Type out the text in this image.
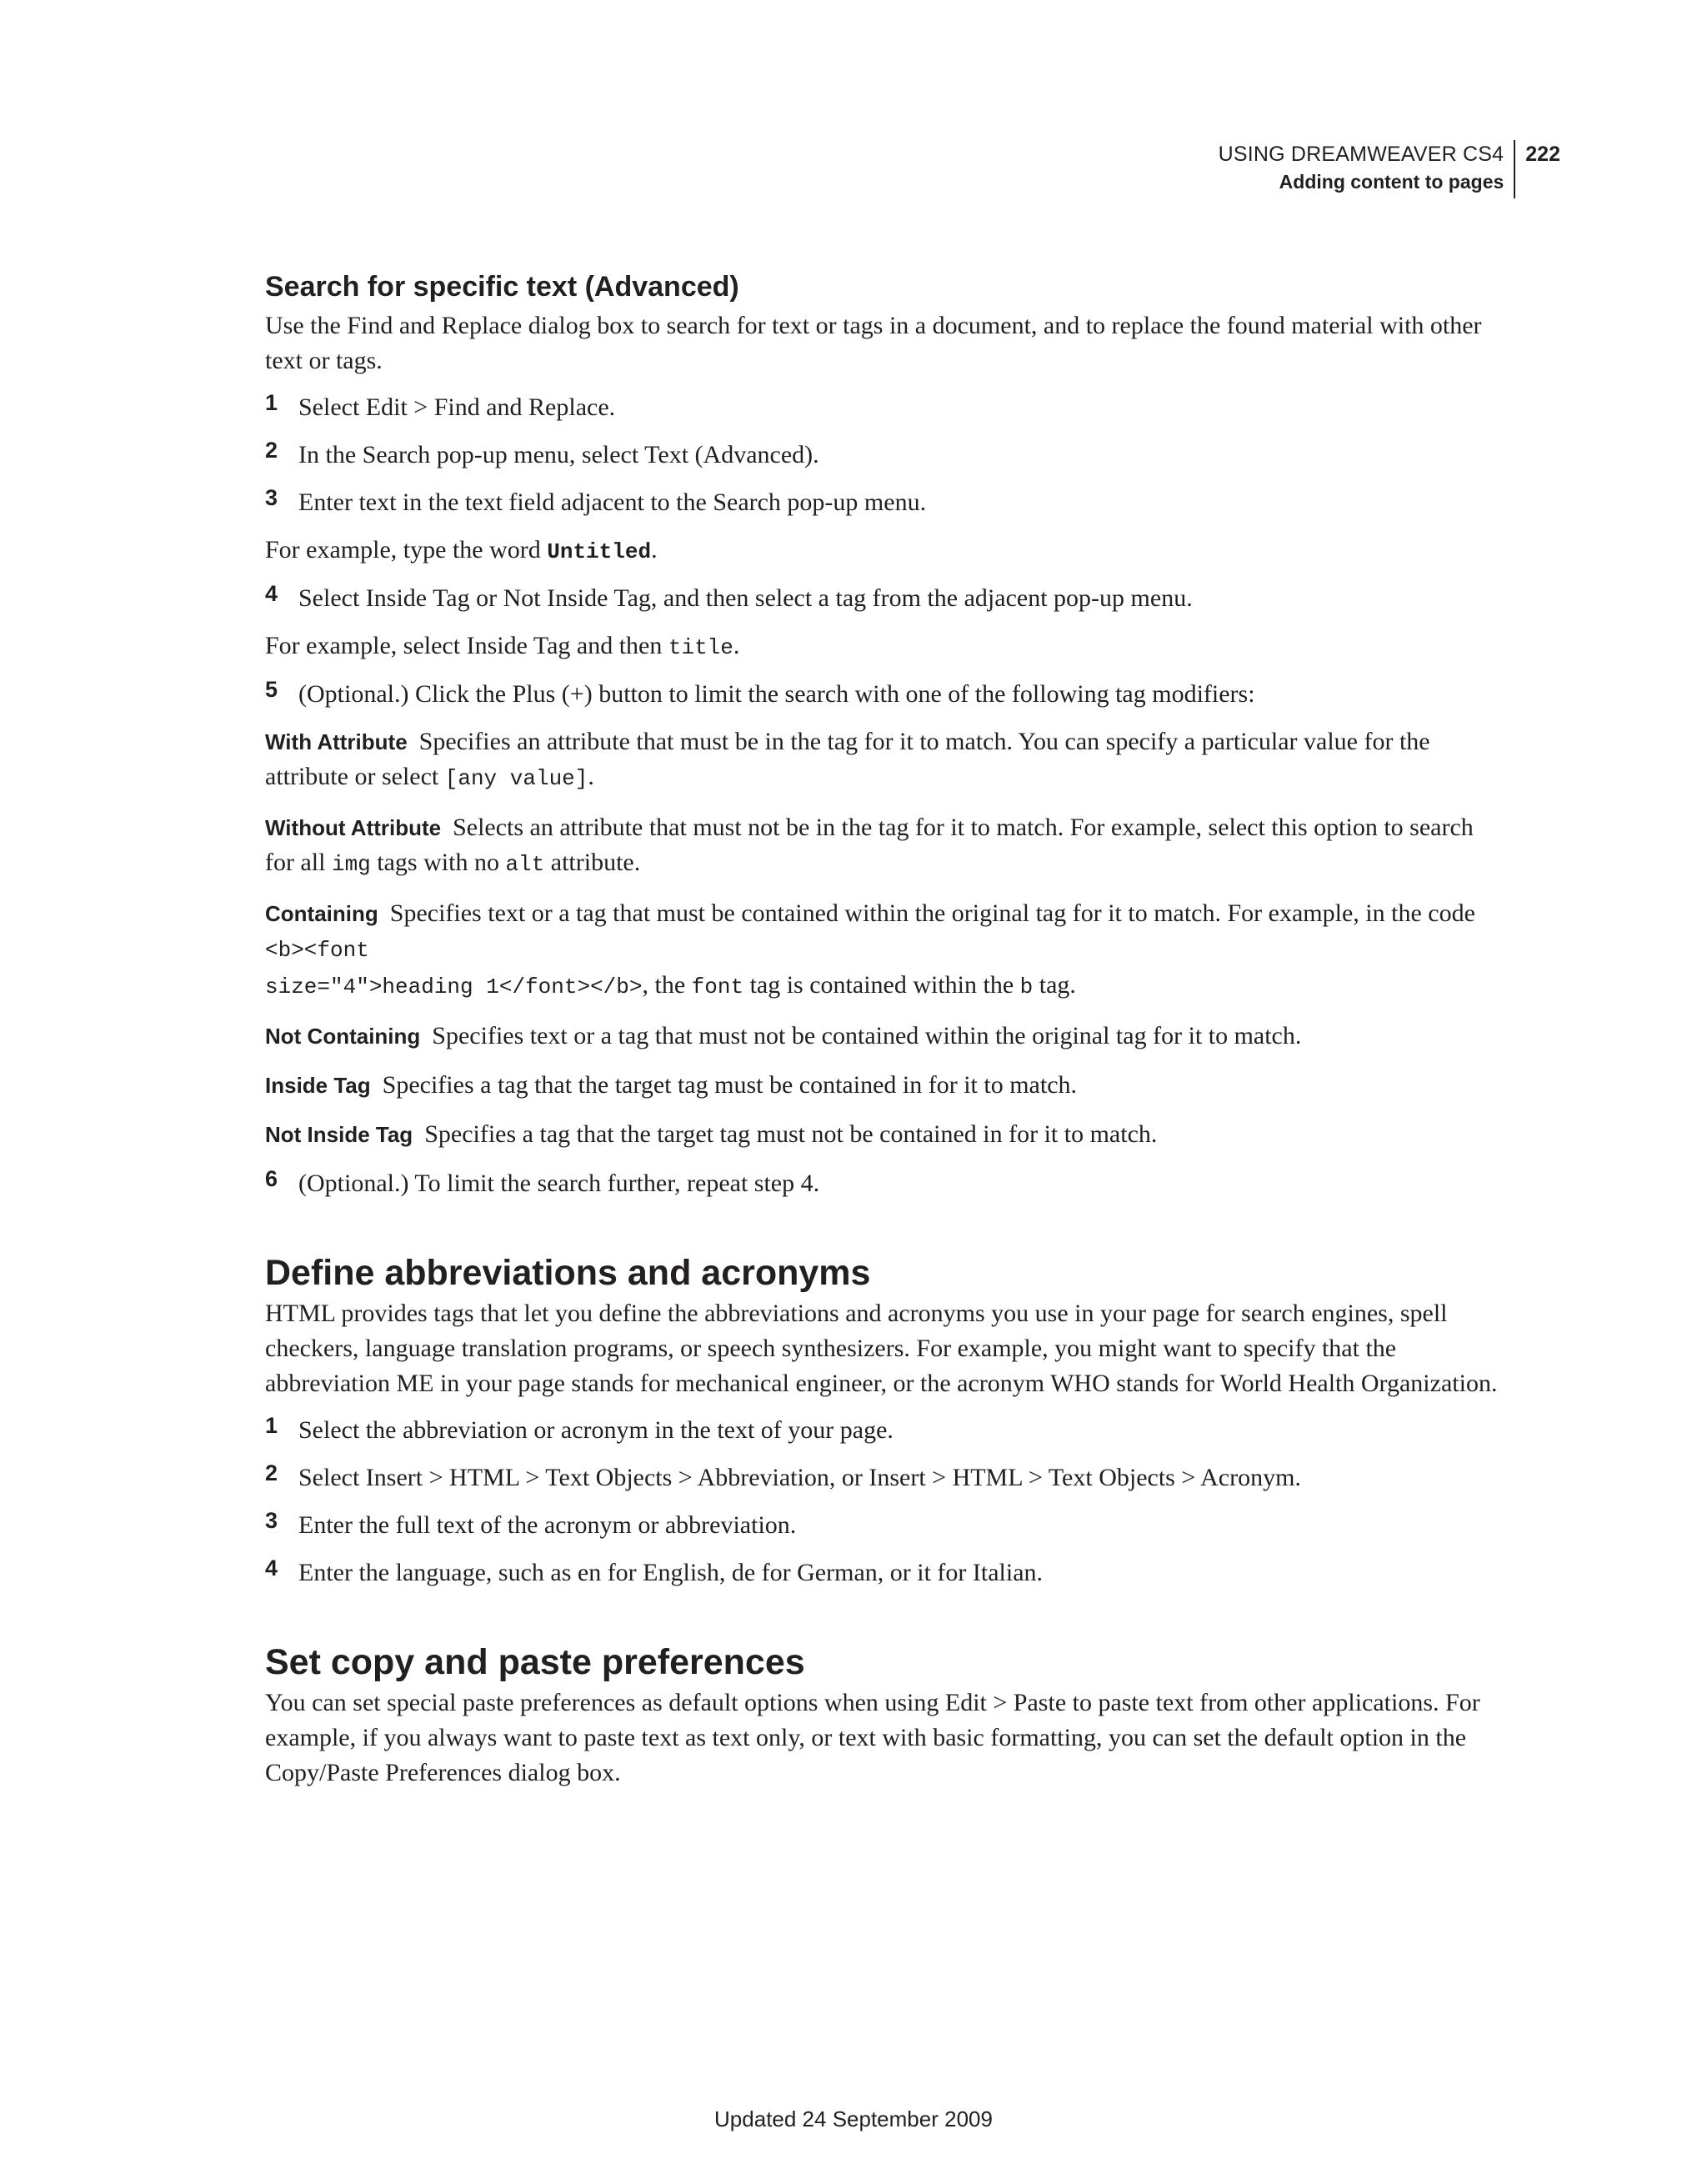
USING DREAMWEAVER CS4
Adding content to pages
222
Search for specific text (Advanced)

Use the Find and Replace dialog box to search for text or tags in a document, and to replace the found material with other text or tags.

1 Select Edit > Find and Replace.

2 In the Search pop-up menu, select Text (Advanced).

3 Enter text in the text field adjacent to the Search pop-up menu.

For example, type the word Untitled.

4 Select Inside Tag or Not Inside Tag, and then select a tag from the adjacent pop-up menu.

For example, select Inside Tag and then title.

5 (Optional.) Click the Plus (+) button to limit the search with one of the following tag modifiers:

With Attribute Specifies an attribute that must be in the tag for it to match. You can specify a particular value for the attribute or select [any value].

Without Attribute Selects an attribute that must not be in the tag for it to match. For example, select this option to search for all img tags with no alt attribute.

Containing Specifies text or a tag that must be contained within the original tag for it to match. For example, in the code <b><font
size="4">heading 1</font></b>, the font tag is contained within the b tag.

Not Containing Specifies text or a tag that must not be contained within the original tag for it to match.

Inside Tag Specifies a tag that the target tag must be contained in for it to match.

Not Inside Tag Specifies a tag that the target tag must not be contained in for it to match.

6 (Optional.) To limit the search further, repeat step 4.

Define abbreviations and acronyms

HTML provides tags that let you define the abbreviations and acronyms you use in your page for search engines, spell checkers, language translation programs, or speech synthesizers. For example, you might want to specify that the abbreviation ME in your page stands for mechanical engineer, or the acronym WHO stands for World Health Organization.

1 Select the abbreviation or acronym in the text of your page.

2 Select Insert > HTML > Text Objects > Abbreviation, or Insert > HTML > Text Objects > Acronym.

3 Enter the full text of the acronym or abbreviation.

4 Enter the language, such as en for English, de for German, or it for Italian.

Set copy and paste preferences

You can set special paste preferences as default options when using Edit > Paste to paste text from other applications. For example, if you always want to paste text as text only, or text with basic formatting, you can set the default option in the Copy/Paste Preferences dialog box.

Updated 24 September 2009
